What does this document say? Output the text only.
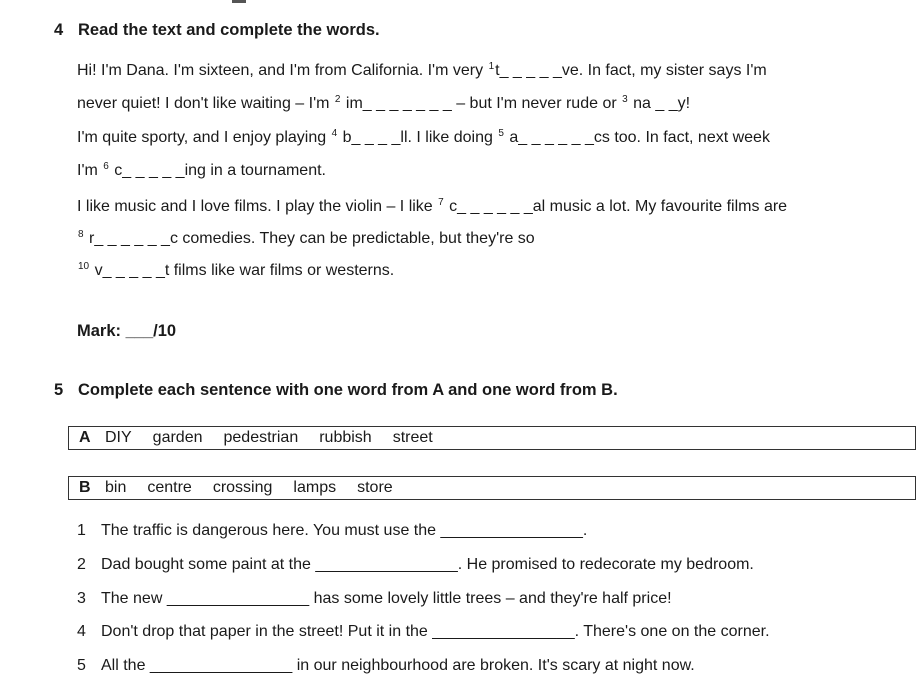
4 Read the text and complete the words.
Hi! I'm Dana. I'm sixteen, and I'm from California. I'm very $^1$t_ _ _ _ _ve. In fact, my sister says I'm
never quiet! I don't like waiting – I'm $^2$ im_ _ _ _ _ _ _ – but I'm never rude or $^3$ na _ _y!
I'm quite sporty, and I enjoy playing $^4$ b_ _ _ _ll. I like doing $^5$ a_ _ _ _ _ _cs too. In fact, next week
I'm $^6$ c_ _ _ _ _ing in a tournament.
I like music and I love films. I play the violin – I like $^7$ c_ _ _ _ _ _al music a lot. My favourite films are
$^8$ r_ _ _ _ _ _c comedies. They can be predictable, but they're so
$^{10}$ v_ _ _ _ _t films like war films or westerns.
Mark: ___/10
5 Complete each sentence with one word from A and one word from B.
A DIY garden pedestrian rubbish street
B bin centre crossing lamps store
1 The traffic is dangerous here. You must use the ________________.
2 Dad bought some paint at the ________________. He promised to redecorate my bedroom.
3 The new ________________ has some lovely little trees – and they're half price!
4 Don't drop that paper in the street! Put it in the ________________. There's one on the corner.
5 All the ________________ in our neighbourhood are broken. It's scary at night now.
